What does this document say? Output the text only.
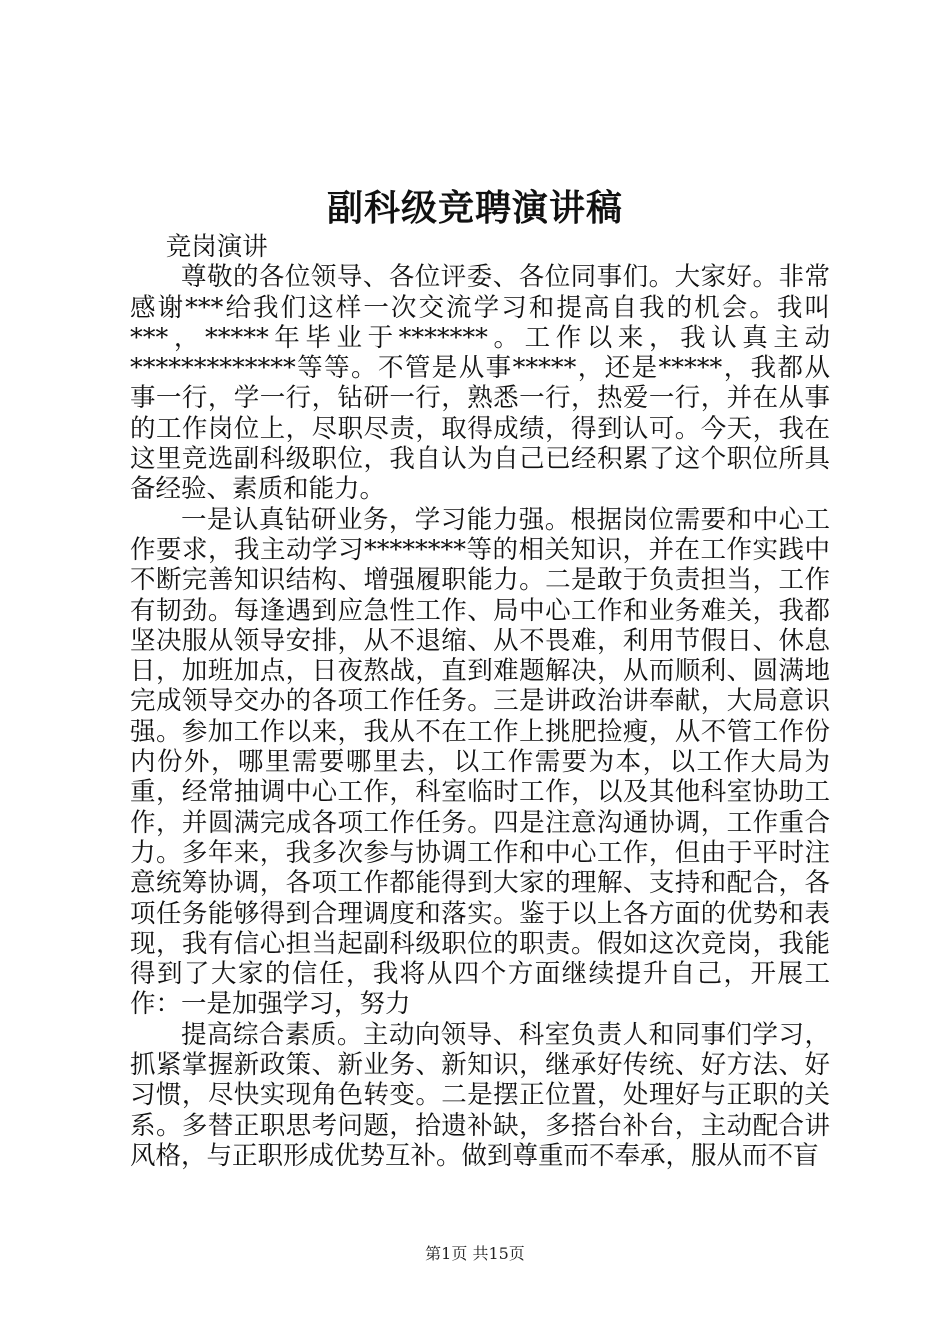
副科级竞聘演讲稿

竞岗演讲

尊敬的各位领导、各位评委、各位同事们。大家好。非常感谢***给我们这样一次交流学习和提高自我的机会。我叫***，*****年毕业于*******。工作以来，我认真主动*************等等。不管是从事*****，还是*****，我都从事一行，学一行，钻研一行，熟悉一行，热爱一行，并在从事的工作岗位上，尽职尽责，取得成绩，得到认可。今天，我在这里竞选副科级职位，我自认为自己已经积累了这个职位所具备经验、素质和能力。

一是认真钻研业务，学习能力强。根据岗位需要和中心工作要求，我主动学习********等的相关知识，并在工作实践中不断完善知识结构、增强履职能力。二是敢于负责担当，工作有韧劲。每逢遇到应急性工作、局中心工作和业务难关，我都坚决服从领导安排，从不退缩、从不畏难，利用节假日、休息日，加班加点，日夜熬战，直到难题解决，从而顺利、圆满地完成领导交办的各项工作任务。三是讲政治讲奉献，大局意识强。参加工作以来，我从不在工作上挑肥捡瘦，从不管工作份内份外，哪里需要哪里去，以工作需要为本，以工作大局为重，经常抽调中心工作，科室临时工作，以及其他科室协助工作，并圆满完成各项工作任务。四是注意沟通协调，工作重合力。多年来，我多次参与协调工作和中心工作，但由于平时注意统筹协调，各项工作都能得到大家的理解、支持和配合，各项任务能够得到合理调度和落实。鉴于以上各方面的优势和表现，我有信心担当起副科级职位的职责。假如这次竞岗，我能得到了大家的信任，我将从四个方面继续提升自己，开展工作：一是加强学习，努力

提高综合素质。主动向领导、科室负责人和同事们学习，抓紧掌握新政策、新业务、新知识，继承好传统、好方法、好习惯，尽快实现角色转变。二是摆正位置，处理好与正职的关系。多替正职思考问题，拾遗补缺，多搭台补台，主动配合讲风格，与正职形成优势互补。做到尊重而不奉承，服从而不盲

第1页 共15页
